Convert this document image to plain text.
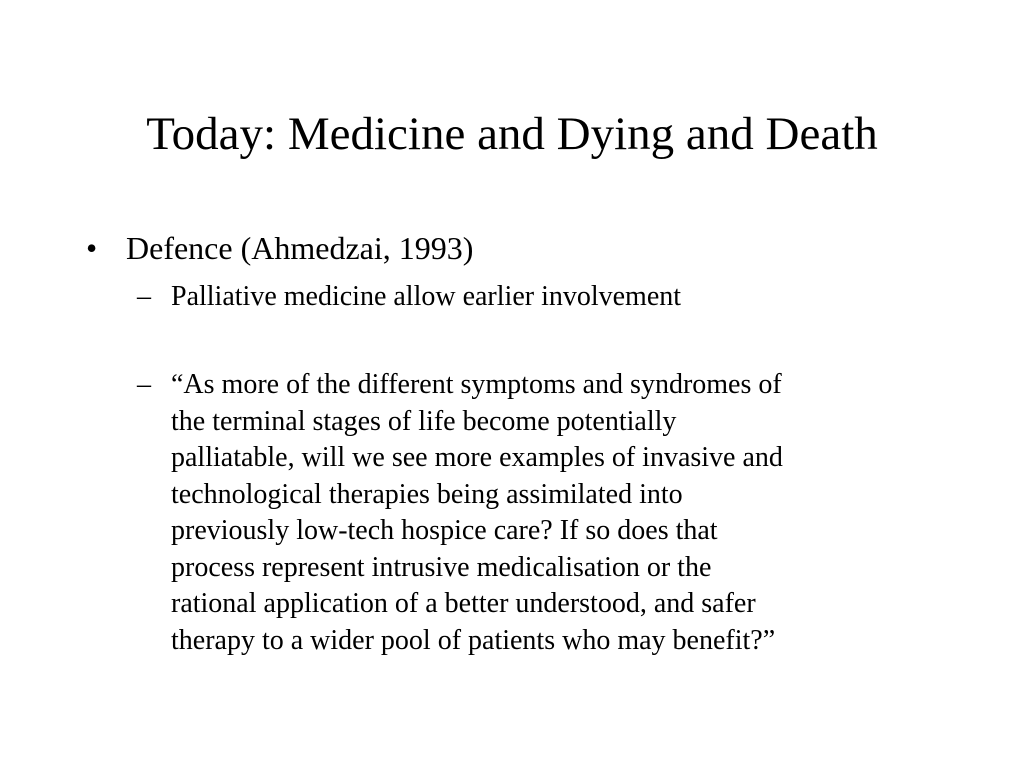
Today: Medicine and Dying and Death
• Defence (Ahmedzai, 1993)
– Palliative medicine allow earlier involvement
– “As more of the different symptoms and syndromes of
the terminal stages of life become potentially
palliatable, will we see more examples of invasive and
technological therapies being assimilated into
previously low-tech hospice care? If so does that
process represent intrusive medicalisation or the
rational application of a better understood, and safer
therapy to a wider pool of patients who may benefit?”
